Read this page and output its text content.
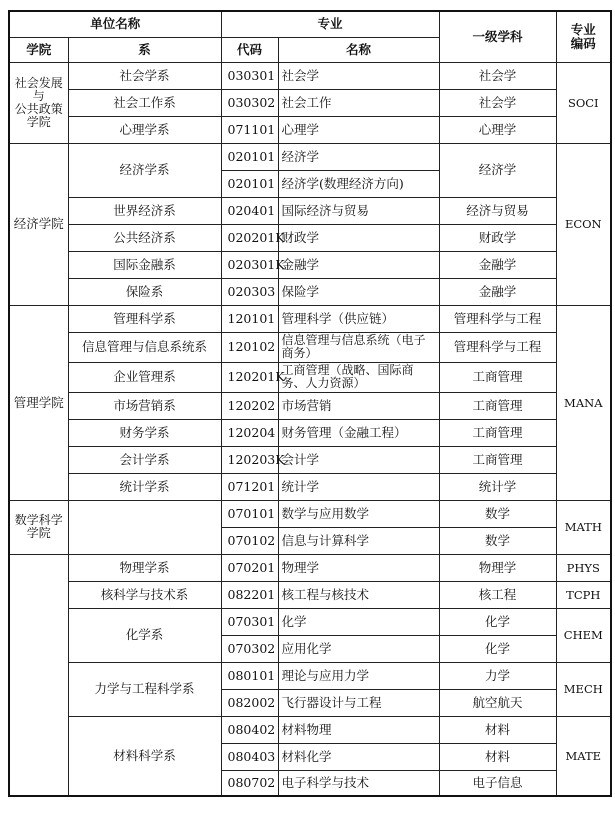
单位名称		专业		一级学科	专业
编码

学院	系	代码	名称		

社会发展
与
公共政策
学院	社会学系	030301	社会学	社会学	SOCI
	社会工作系	030302	社会工作	社会学	
	心理学系	071101	心理学	心理学	
经济学院	经济学系	020101	经济学	经济学	ECON
		020101	经济学(数理经济方向)		
	世界经济系	020401	国际经济与贸易	经济与贸易	
	公共经济系	020201K	财政学	财政学	
	国际金融系	020301K	金融学	金融学	
	保险系	020303	保险学	金融学	
管理学院	管理科学系	120101	管理科学（供应链）	管理科学与工程	MANA
	信息管理与信息系统系	120102	信息管理与信息系统（电子商务）	管理科学与工程	
	企业管理系	120201K	工商管理（战略、国际商务、人力资源）	工商管理	
	市场营销系	120202	市场营销	工商管理	
	财务学系	120204	财务管理（金融工程）	工商管理	
	会计学系	120203K	会计学	工商管理	
	统计学系	071201	统计学	统计学	

数学科学
学院		070101	数学与应用数学	数学	MATH
		070102	信息与计算科学	数学	
	物理学系	070201	物理学	物理学	PHYS
	核科学与技术系	082201	核工程与核技术	核工程	TCPH
	化学系	070301	化学	化学	CHEM
		070302	应用化学	化学	
	力学与工程科学系	080101	理论与应用力学	力学	MECH
		082002	飞行器设计与工程	航空航天	
	材料科学系	080402	材料物理	材料	MATE
		080403	材料化学	材料	
		080702	电子科学与技术	电子信息	
